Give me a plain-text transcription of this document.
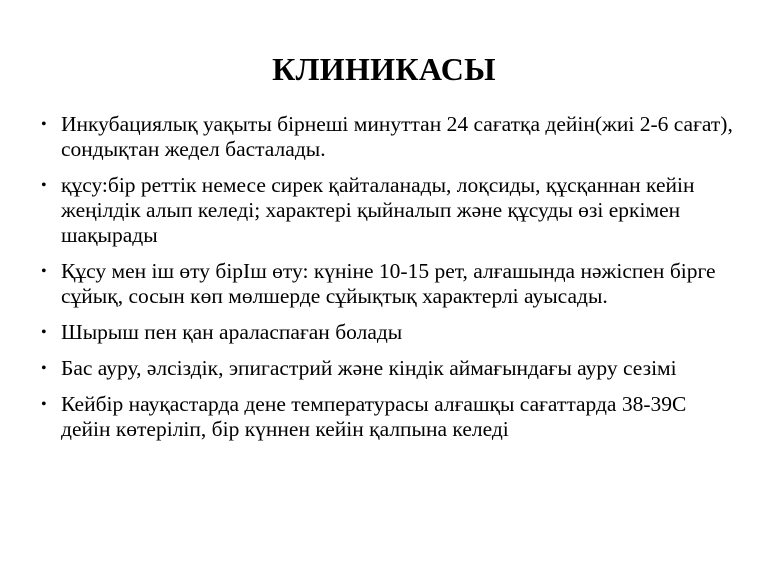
КЛИНИКАСЫ
• Инкубациялық уақыты бірнеші минуттан 24 сағатқа дейін(жиі 2-6 сағат), сондықтан жедел басталады.
• құсу:бір реттік немесе сирек қайталанады, лоқсиды, құсқаннан кейін жеңілдік алып келеді; характері қыйналып және құсуды өзі еркімен шақырады
• Құсу мен іш өту бірІш өту: күніне 10-15 рет, алғашында нәжіспен бірге сұйық, сосын көп мөлшерде сұйықтық характерлі ауысады.
• Шырыш пен қан араласпаған болады
• Бас ауру, әлсіздік, эпигастрий және кіндік аймағындағы ауру сезімі
• Кейбір науқастарда дене температурасы алғашқы сағаттарда 38-39С дейін көтеріліп, бір күннен кейін қалпына келеді
